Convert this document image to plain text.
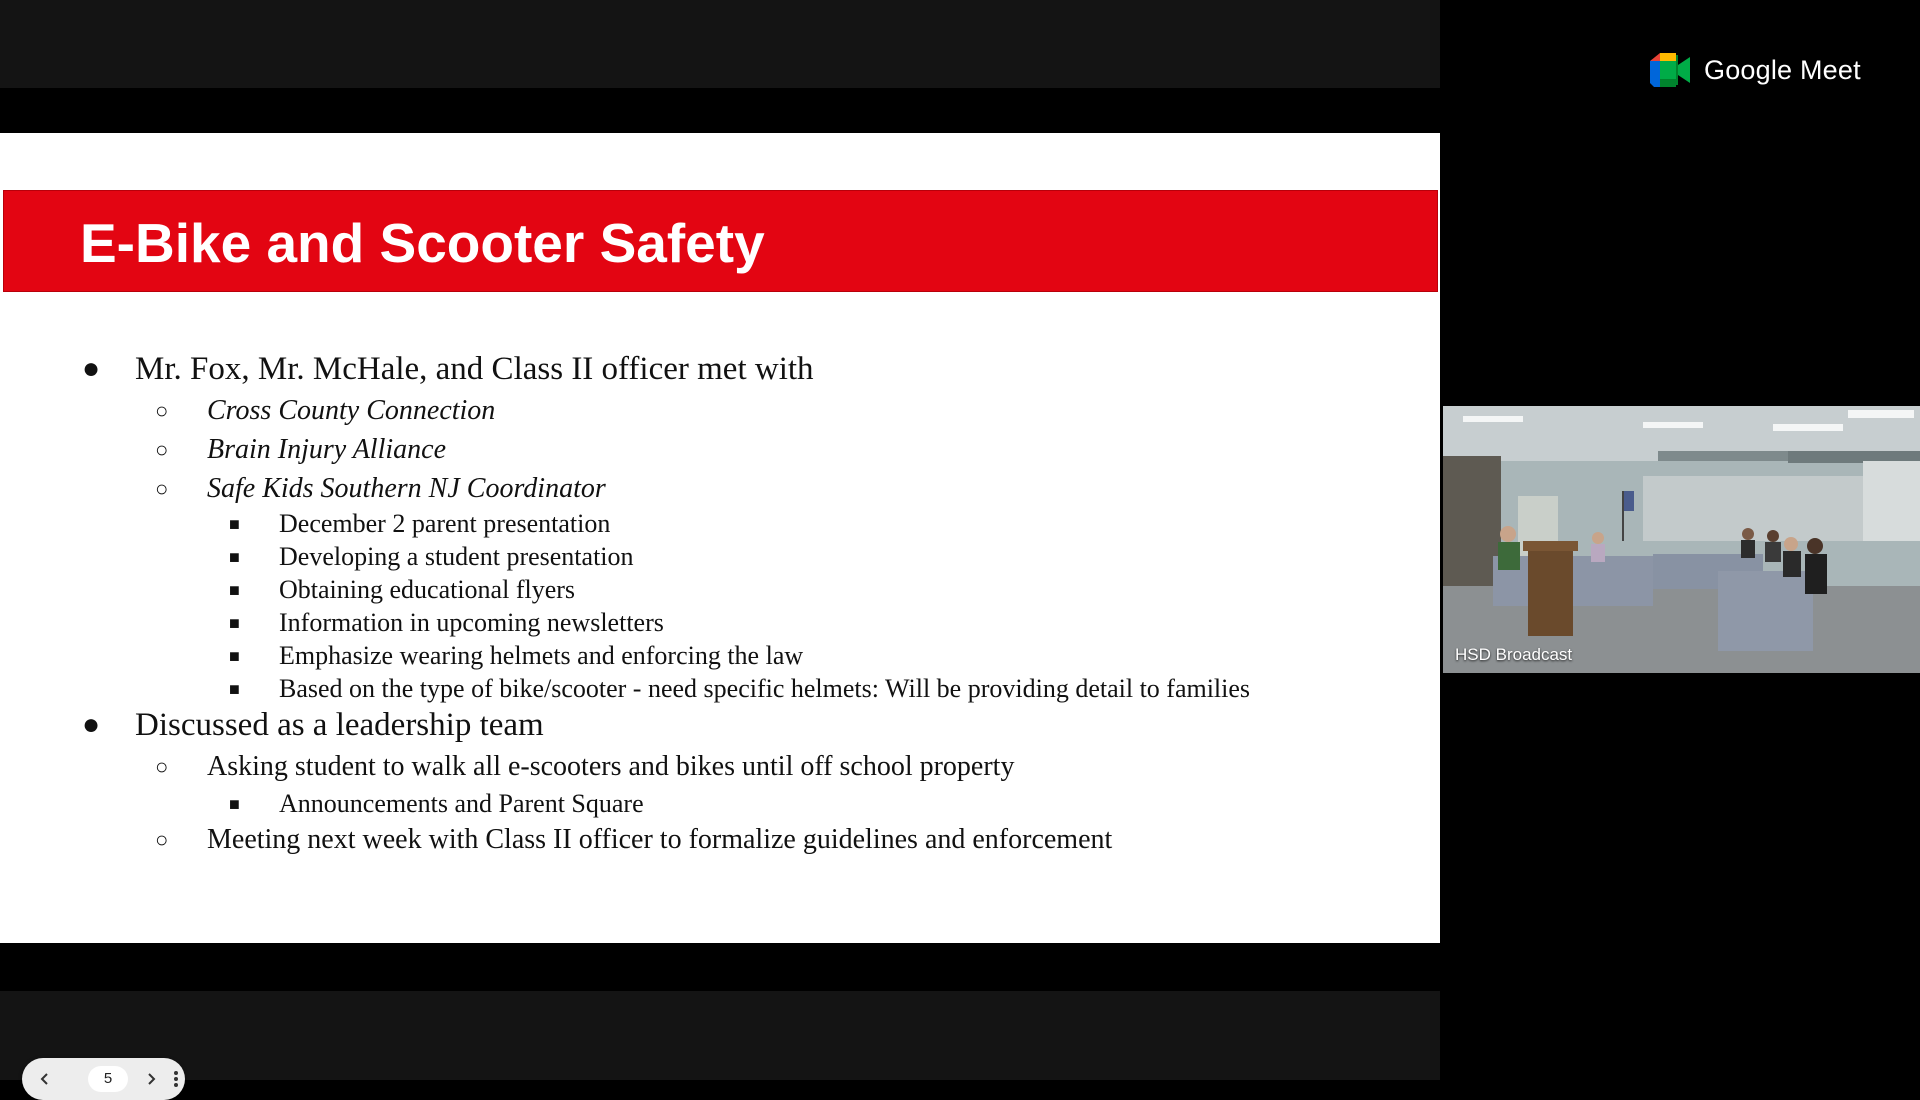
E-Bike and Scooter Safety
● Mr. Fox, Mr. McHale, and Class II officer met with
○ Cross County Connection
○ Brain Injury Alliance
○ Safe Kids Southern NJ Coordinator
■ December 2 parent presentation
■ Developing a student presentation
■ Obtaining educational flyers
■ Information in upcoming newsletters
■ Emphasize wearing helmets and enforcing the law
■ Based on the type of bike/scooter - need specific helmets: Will be providing detail to families
● Discussed as a leadership team
○ Asking student to walk all e-scooters and bikes until off school property
■ Announcements and Parent Square
○ Meeting next week with Class II officer to formalize guidelines and enforcement
5
Google Meet
HSD Broadcast
